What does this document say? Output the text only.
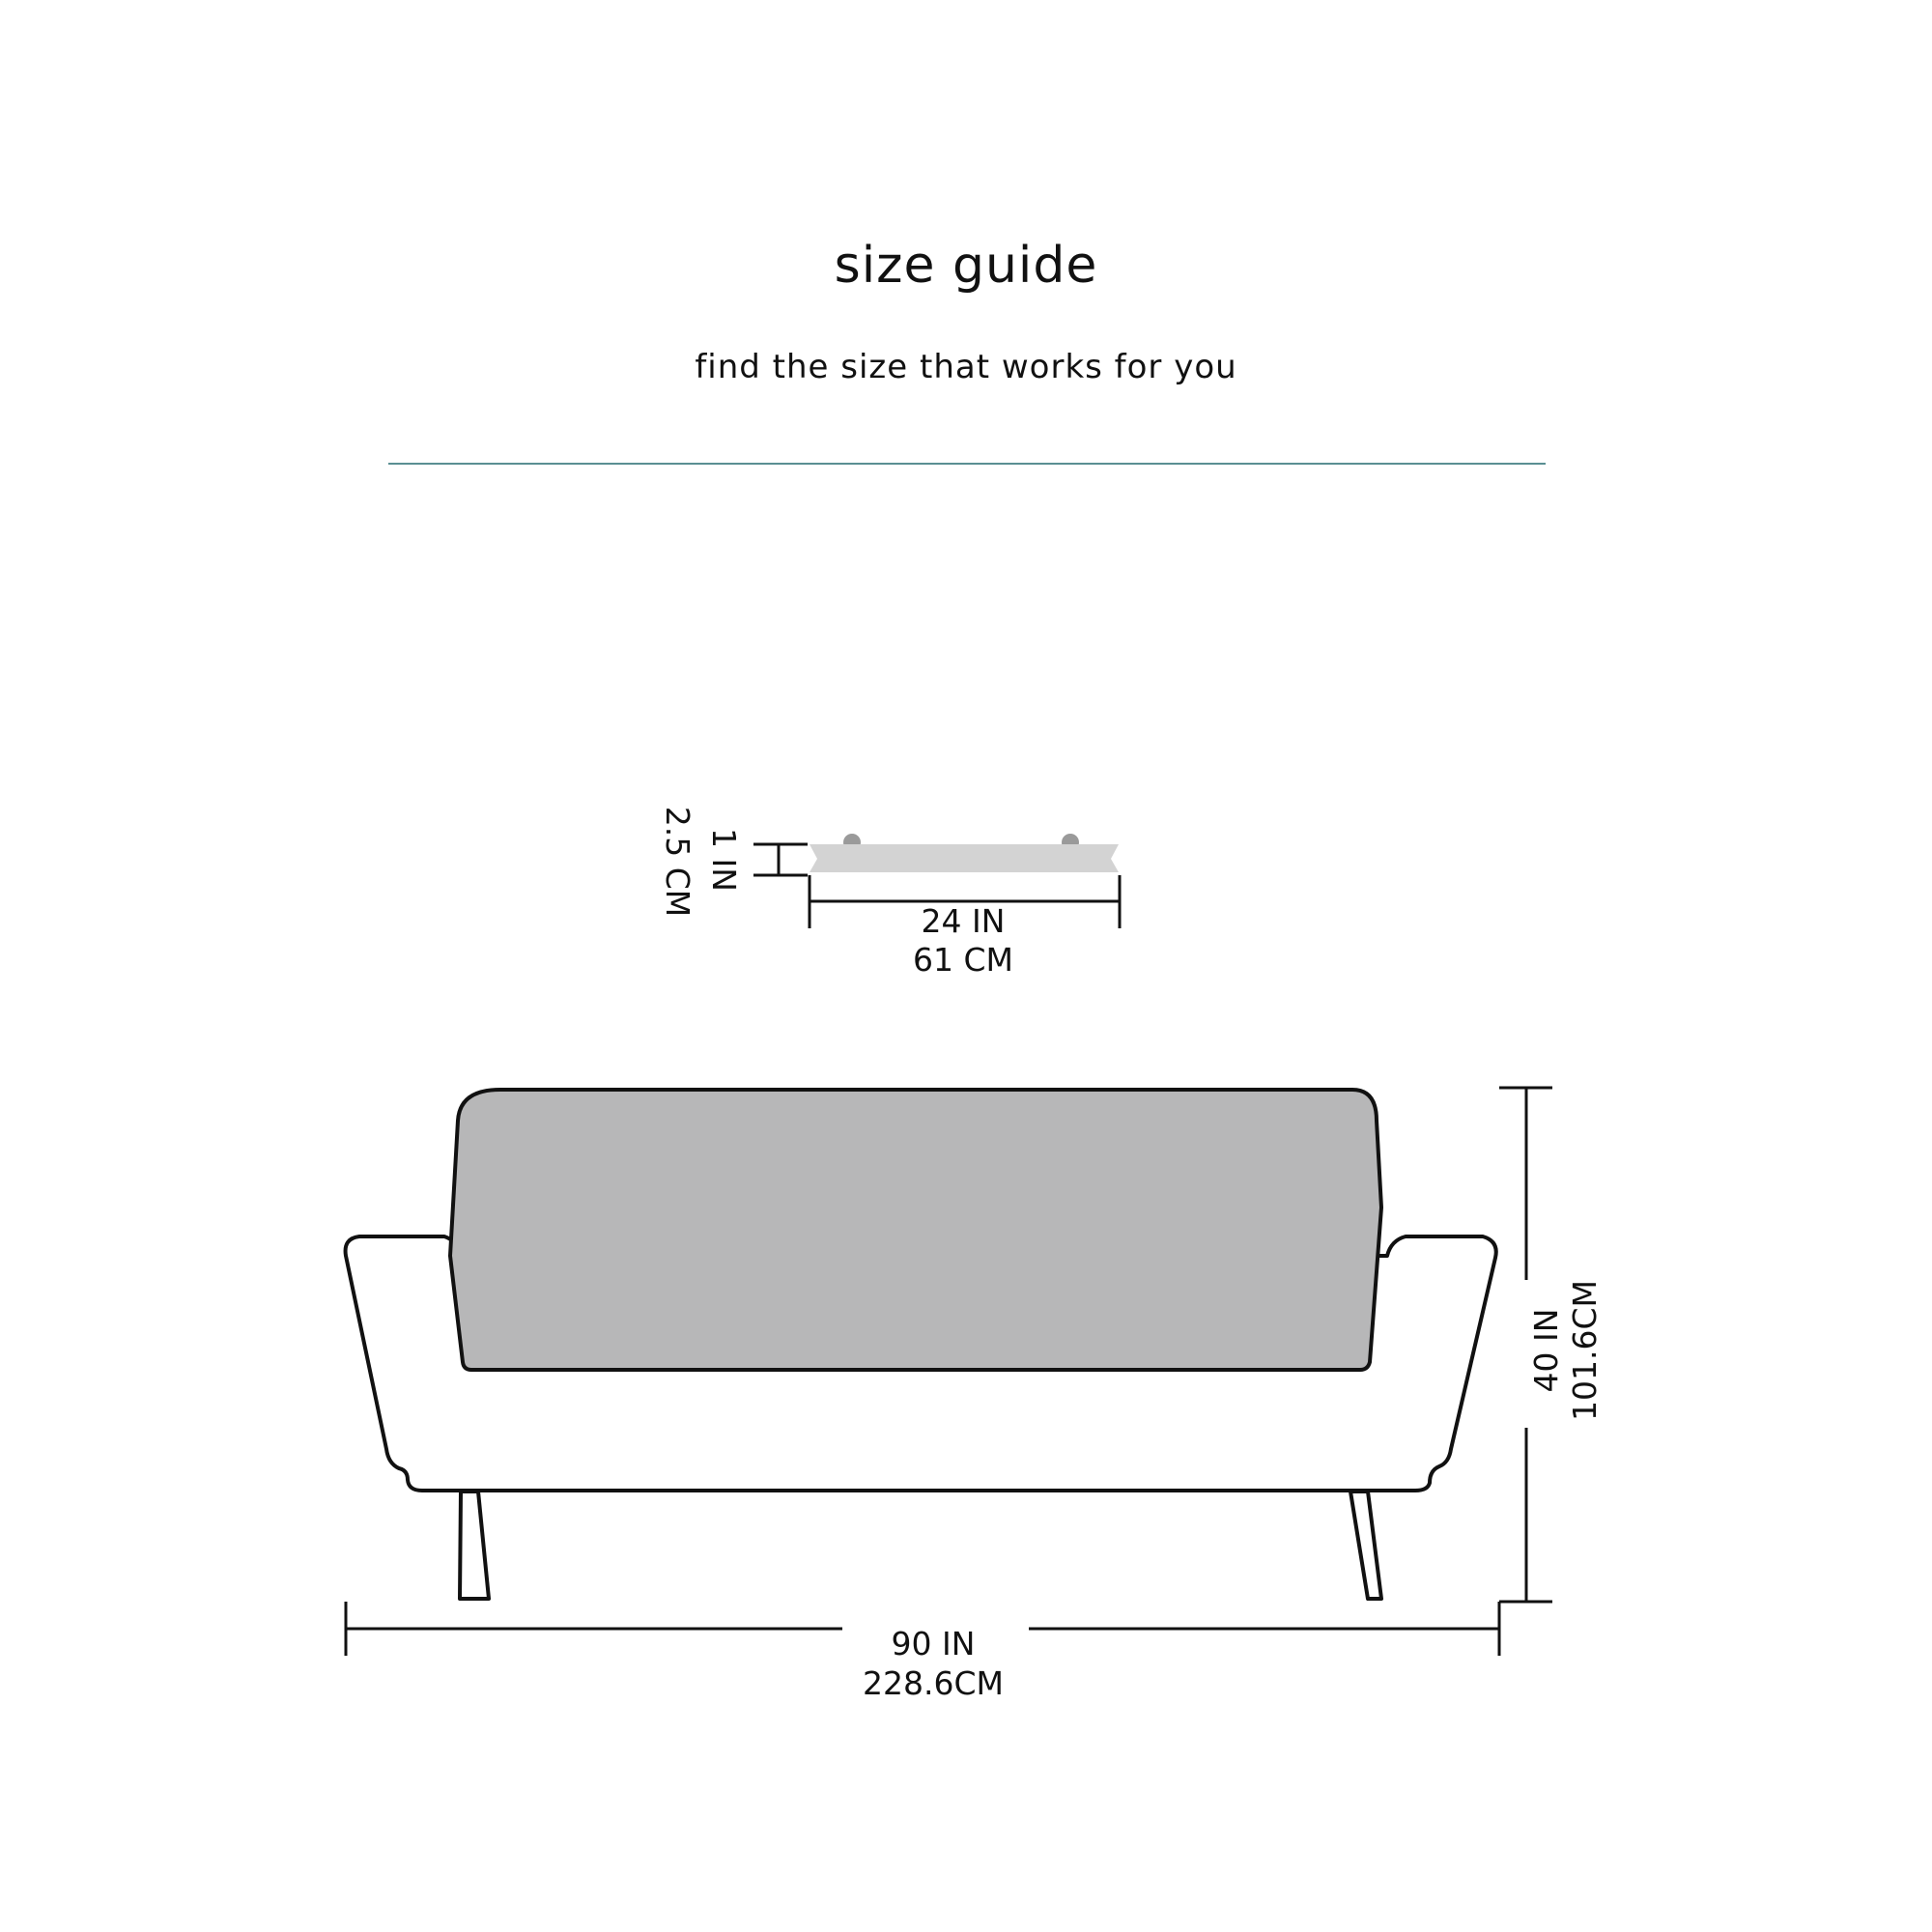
size guide
find the size that works for you
1 IN
2.5 CM
24 IN
61 CM
40 IN 101.6CM
90 IN
228.6CM
